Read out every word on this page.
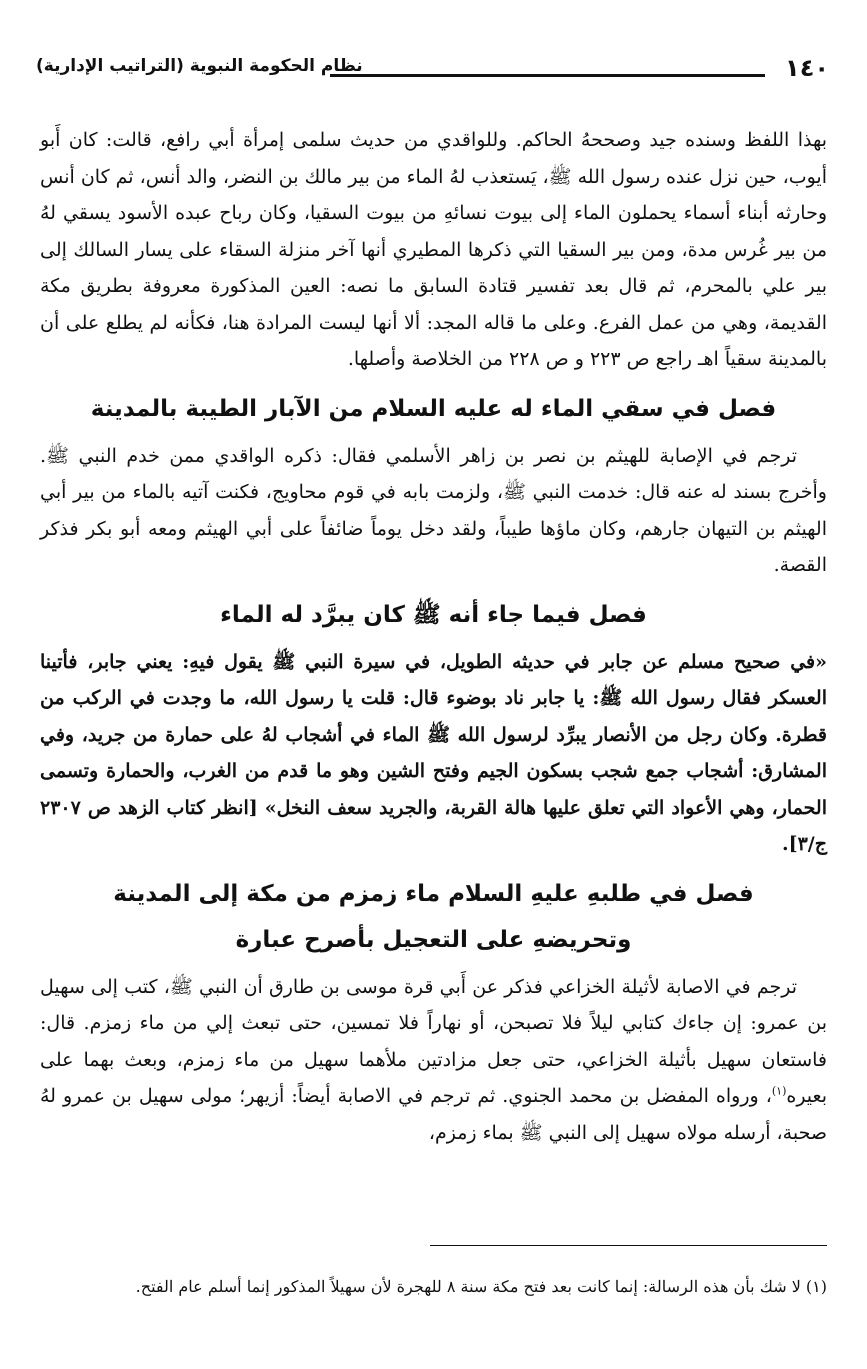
١٤٠
نظام الحكومة النبوية (التراتيب الإدارية)

بهذا اللفظ وسنده جيد وصححهُ الحاكم. وللواقدي من حديث سلمى إمرأة أبي رافع، قالت: كان أَبو أيوب، حين نزل عنده رسول الله ﷺ، يَستعذب لهُ الماء من بير مالك بن النضر، والد أنس، ثم كان أنس وحارثه أبناء أسماء يحملون الماء إلى بيوت نسائهِ من بيوت السقيا، وكان رباح عبده الأسود يسقي لهُ من بير غُرس مدة، ومن بير السقيا التي ذكرها المطيري أنها آخر منزلة السقاء على يسار السالك إلى بير علي بالمحرم، ثم قال بعد تفسير قتادة السابق ما نصه: العين المذكورة معروفة بطريق مكة القديمة، وهي من عمل الفرع. وعلى ما قاله المجد: ألا أنها ليست المرادة هنا، فكأنه لم يطلع على أن بالمدينة سقياً اهـ راجع ص ٢٢٣ و ص ٢٢٨ من الخلاصة وأصلها.

فصل في سقي الماء له عليه السلام من الآبار الطيبة بالمدينة

ترجم في الإصابة للهيثم بن نصر بن زاهر الأسلمي فقال: ذكره الواقدي ممن خدم النبي ﷺ. وأخرج بسند له عنه قال: خدمت النبي ﷺ، ولزمت بابه في قوم محاويج، فكنت آتيه بالماء من بير أبي الهيثم بن التيهان جارهم، وكان ماؤها طيباً، ولقد دخل يوماً ضائفاً على أبي الهيثم ومعه أبو بكر فذكر القصة.

فصل فيما جاء أنه ﷺ كان يبرَّد له الماء

«في صحيح مسلم عن جابر في حديثه الطويل، في سيرة النبي ﷺ يقول فيهِ: يعني جابر، فأتينا العسكر فقال رسول الله ﷺ: يا جابر ناد بوضوء قال: قلت يا رسول الله، ما وجدت في الركب من قطرة. وكان رجل من الأنصار يبرِّد لرسول الله ﷺ الماء في أشجاب لهُ على حمارة من جريد، وفي المشارق: أشجاب جمع شجب بسكون الجيم وفتح الشين وهو ما قدم من الغرب، والحمارة وتسمى الحمار، وهي الأعواد التي تعلق عليها هالة القربة، والجريد سعف النخل» [انظر كتاب الزهد ص ٢٣٠٧ ج/٣].

فصل في طلبهِ عليهِ السلام ماء زمزم من مكة إلى المدينة
وتحريضهِ على التعجيل بأصرح عبارة

ترجم في الاصابة لأثيلة الخزاعي فذكر عن أَبي قرة موسى بن طارق أن النبي ﷺ، كتب إلى سهيل بن عمرو: إن جاءك كتابي ليلاً فلا تصبحن، أو نهاراً فلا تمسين، حتى تبعث إلي من ماء زمزم. قال: فاستعان سهيل بأثيلة الخزاعي، حتى جعل مزادتين ملأهما سهيل من ماء زمزم، وبعث بهما على بعيره$^{(١)}$، ورواه المفضل بن محمد الجنوي. ثم ترجم في الاصابة أيضاً: أزيهر؛ مولى سهيل بن عمرو لهُ صحبة، أرسله مولاه سهيل إلى النبي ﷺ بماء زمزم،

(١) لا شك بأن هذه الرسالة: إنما كانت بعد فتح مكة سنة ٨ للهجرة لأن سهيلاً المذكور إنما أسلم عام الفتح.
